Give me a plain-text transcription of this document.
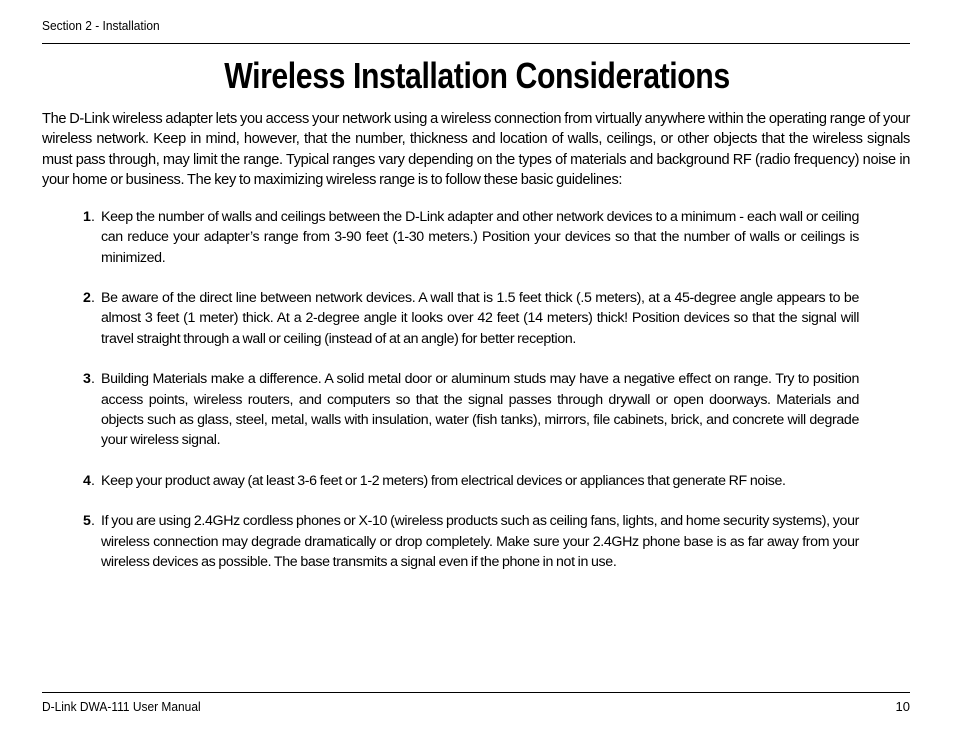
Section 2 - Installation
Wireless Installation Considerations

The D-Link wireless adapter lets you access your network using a wireless connection from virtually anywhere within the operating range of your wireless network. Keep in mind, however, that the number, thickness and location of walls, ceilings, or other objects that the wireless signals must pass through, may limit the range. Typical ranges vary depending on the types of materials and background RF (radio frequency) noise in your home or business. The key to maximizing wireless range is to follow these basic guidelines:

1 . Keep the number of walls and ceilings between the D-Link adapter and other network devices to a minimum - each wall or ceiling can reduce your adapter’s range from 3-90 feet (1-30 meters.) Position your devices so that the number of walls or ceilings is minimized.
2 . Be aware of the direct line between network devices. A wall that is 1.5 feet thick (.5 meters), at a 45-degree angle appears to be almost 3 feet (1 meter) thick. At a 2-degree angle it looks over 42 feet (14 meters) thick! Position devices so that the signal will travel straight through a wall or ceiling (instead of at an angle) for better reception.
3 . Building Materials make a difference. A solid metal door or aluminum studs may have a negative effect on range. Try to position access points, wireless routers, and computers so that the signal passes through drywall or open doorways. Materials and objects such as glass, steel, metal, walls with insulation, water (fish tanks), mirrors, file cabinets, brick, and concrete will degrade your wireless signal.
4 . Keep your product away (at least 3-6 feet or 1-2 meters) from electrical devices or appliances that generate RF noise.
5 . If you are using 2.4GHz cordless phones or X-10 (wireless products such as ceiling fans, lights, and home security systems), your wireless connection may degrade dramatically or drop completely. Make sure your 2.4GHz phone base is as far away from your wireless devices as possible. The base transmits a signal even if the phone in not in use.
D-Link DWA-111 User Manual	10
